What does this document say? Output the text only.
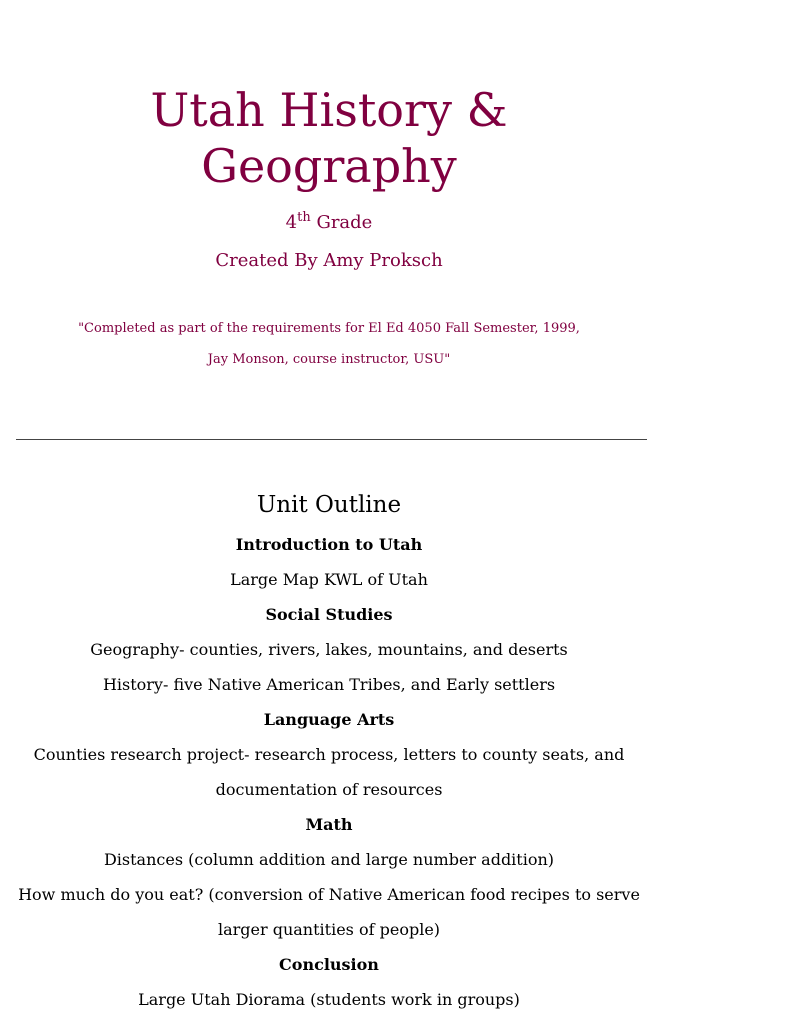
Utah History &
Geography
4th Grade
Created By Amy Proksch
"Completed as part of the requirements for El Ed 4050 Fall Semester, 1999,
Jay Monson, course instructor, USU"
Unit Outline
Introduction to Utah
Large Map KWL of Utah
Social Studies
Geography- counties, rivers, lakes, mountains, and deserts
History- five Native American Tribes, and Early settlers
Language Arts
Counties research project- research process, letters to county seats, and
documentation of resources
Math
Distances (column addition and large number addition)
How much do you eat? (conversion of Native American food recipes to serve
larger quantities of people)
Conclusion
Large Utah Diorama (students work in groups)
